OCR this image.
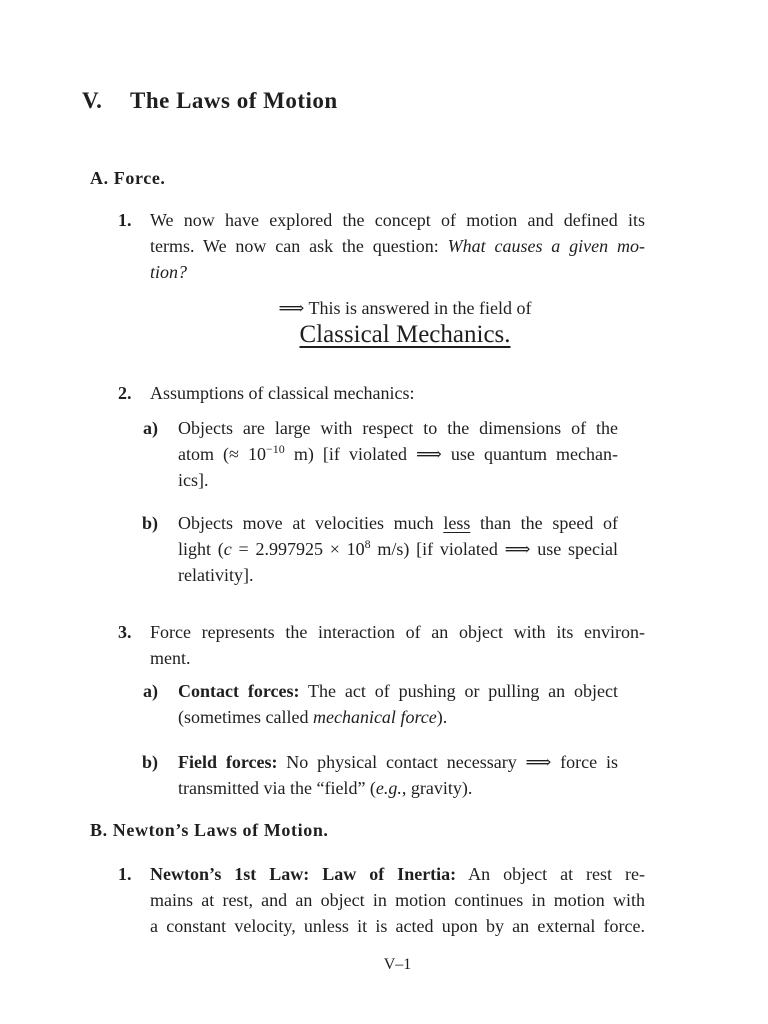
V. The Laws of Motion
A. Force.
1. We now have explored the concept of motion and defined its
terms. We now can ask the question: What causes a given mo-
tion?
⟹ This is answered in the field of
Classical Mechanics.
2. Assumptions of classical mechanics:
a) Objects are large with respect to the dimensions of the
atom (≈ $10^{-10}$ m) [if violated ⟹ use quantum mechan-
ics].
b) Objects move at velocities much less than the speed of
light ($c = 2.997925 \times 10^8$ m/s) [if violated ⟹ use special
relativity].
3. Force represents the interaction of an object with its environ-
ment.
a) Contact forces: The act of pushing or pulling an object
(sometimes called mechanical force).
b) Field forces: No physical contact necessary ⟹ force is
transmitted via the “field” (e.g., gravity).
B. Newton’s Laws of Motion.
1. Newton’s 1st Law: Law of Inertia: An object at rest re-
mains at rest, and an object in motion continues in motion with
a constant velocity, unless it is acted upon by an external force.
V–1
